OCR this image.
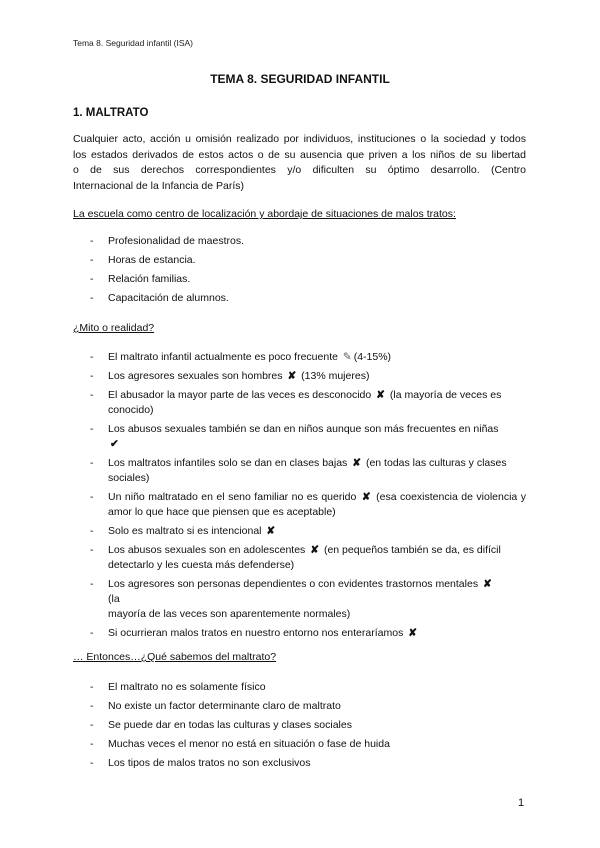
Tema 8. Seguridad infantil (ISA)
TEMA 8. SEGURIDAD INFANTIL
1. MALTRATO
Cualquier acto, acción u omisión realizado por individuos, instituciones o la sociedad y todos
los estados derivados de estos actos o de su ausencia que priven a los niños de su libertad
o de sus derechos correspondientes y/o dificulten su óptimo desarrollo. (Centro
Internacional de la Infancia de París)
La escuela como centro de localización y abordaje de situaciones de malos tratos:
- Profesionalidad de maestros.
- Horas de estancia.
- Relación familias.
- Capacitación de alumnos.
¿Mito o realidad?
- El maltrato infantil actualmente es poco frecuente ✎ (4-15%)
- Los agresores sexuales son hombres ✘ (13% mujeres)
- El abusador la mayor parte de las veces es desconocido ✘ (la mayoría de veces es conocido)
- Los abusos sexuales también se dan en niños aunque son más frecuentes en niñas
✔
- Los maltratos infantiles solo se dan en clases bajas ✘ (en todas las culturas y clases sociales)
- Un niño maltratado en el seno familiar no es querido ✘ (esa coexistencia de violencia y amor lo que hace que piensen que es aceptable)
- Solo es maltrato si es intencional ✘
- Los abusos sexuales son en adolescentes ✘ (en pequeños también se da, es difícil detectarlo y les cuesta más defenderse)
- Los agresores son personas dependientes o con evidentes trastornos mentales ✘
(la
mayoría de las veces son aparentemente normales)
- Si ocurrieran malos tratos en nuestro entorno nos enteraríamos ✘
… Entonces…¿Qué sabemos del maltrato?
- El maltrato no es solamente físico
- No existe un factor determinante claro de maltrato
- Se puede dar en todas las culturas y clases sociales
- Muchas veces el menor no está en situación o fase de huida
- Los tipos de malos tratos no son exclusivos
1
